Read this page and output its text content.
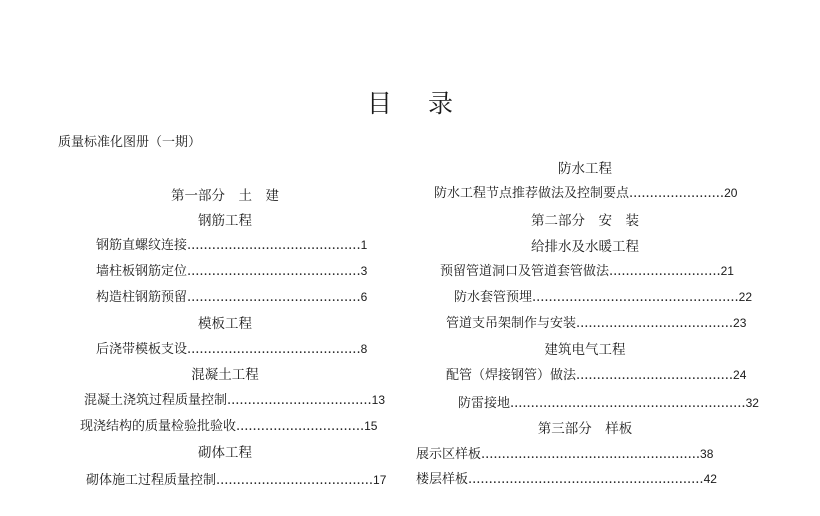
目 录
质量标准化图册（一期）
第一部分　土　建
钢筋工程
钢筋直螺纹连接..........................................1
墙柱板钢筋定位..........................................3
构造柱钢筋预留..........................................6
模板工程
后浇带模板支设..........................................8
混凝土工程
混凝土浇筑过程质量控制...................................13
现浇结构的质量检验批验收...............................15
砌体工程
砌体施工过程质量控制......................................17
防水工程
防水工程节点推荐做法及控制要点.......................20
第二部分　安　装
给排水及水暖工程
预留管道洞口及管道套管做法...........................21
防水套管预埋..................................................22
管道支吊架制作与安装......................................23
建筑电气工程
配管（焊接钢管）做法......................................24
防雷接地.........................................................32
第三部分　样板
展示区样板.....................................................38
楼层样板.........................................................42
